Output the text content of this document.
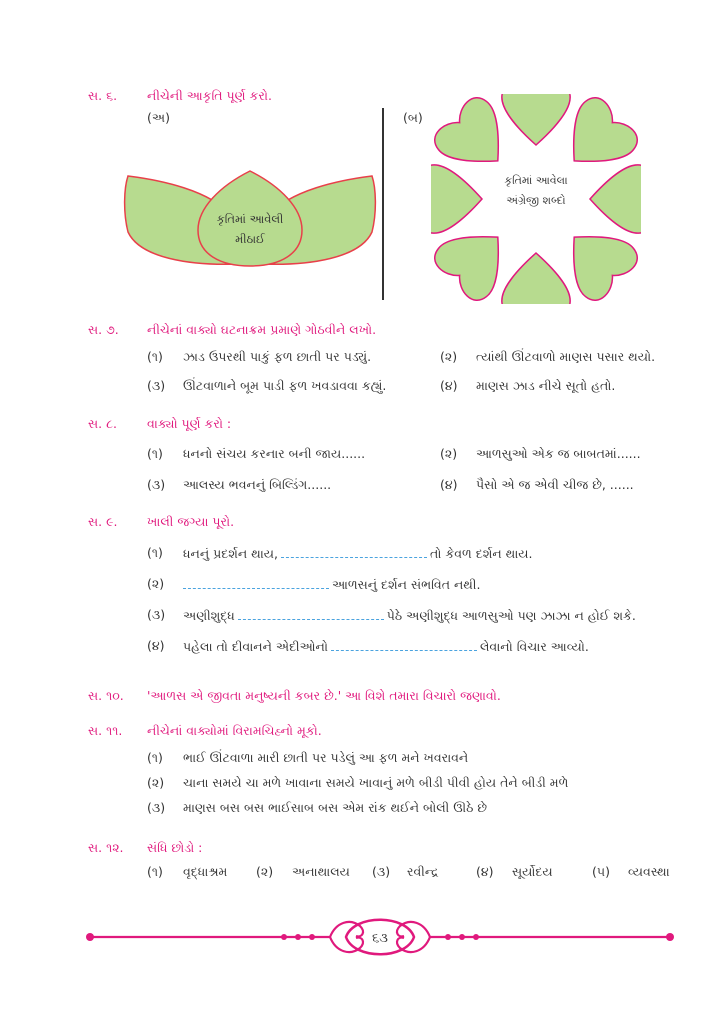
સ. ૬. નીચેની આકૃતિ પૂર્ણ કરો.
(અ)	(બ)
કૃતિમાં આવેલી
મીઠાઈ
કૃતિમાં આવેલા
અંગ્રેજી શબ્દો
સ. ૭. નીચેનાં વાક્યો ઘટનાક્રમ પ્રમાણે ગોઠવીને લખો.
(૧) ઝાડ ઉપરથી પાકું ફળ છાતી પર પડ્યું.	(૨) ત્યાંથી ઊંટવાળો માણસ પસાર થયો.
(૩) ઊંટવાળાને બૂમ પાડી ફળ ખવડાવવા કહ્યું.	(૪) માણસ ઝાડ નીચે સૂતો હતો.
સ. ૮. વાક્યો પૂર્ણ કરો :
(૧) ધનનો સંચય કરનાર બની જાય......	(૨) આળસુઓ એક જ બાબતમાં......
(૩) આલસ્ય ભવનનું બિલ્ડિંગ......	(૪) પૈસો એ જ એવી ચીજ છે, ......
સ. ૯. ખાલી જગ્યા પૂરો.
(૧) ધનનું પ્રદર્શન થાય,	તો કેવળ દર્શન થાય.
(૨)	આળસનું દર્શન સંભવિત નથી.
(૩) અણીશુદ્ધ	પેઠે અણીશુદ્ધ આળસુઓ પણ ઝાઝા ન હોઈ શકે.
(૪) પહેલા તો દીવાનને એદીઓનો	લેવાનો વિચાર આવ્યો.
સ. ૧૦. 'આળસ એ જીવતા મનુષ્યની કબર છે.' આ વિશે તમારા વિચારો જણાવો.
સ. ૧૧. નીચેનાં વાક્યોમાં વિરામચિહ્નો મૂકો.
(૧) ભાઈ ઊંટવાળા મારી છાતી પર પડેલું આ ફળ મને ખવરાવને
(૨) ચાના સમયે ચા મળે ખાવાના સમયે ખાવાનું મળે બીડી પીવી હોય તેને બીડી મળે
(૩) માણસ બસ બસ ભાઈસાબ બસ એમ રાંક થઈને બોલી ઊઠે છે
સ. ૧૨. સંધિ છોડો :
(૧) વૃદ્ધાશ્રમ (૨) અનાથાલય (૩) રવીન્દ્ર	(૪) સૂર્યોદય	(૫) વ્યવસ્થા
૬૩
